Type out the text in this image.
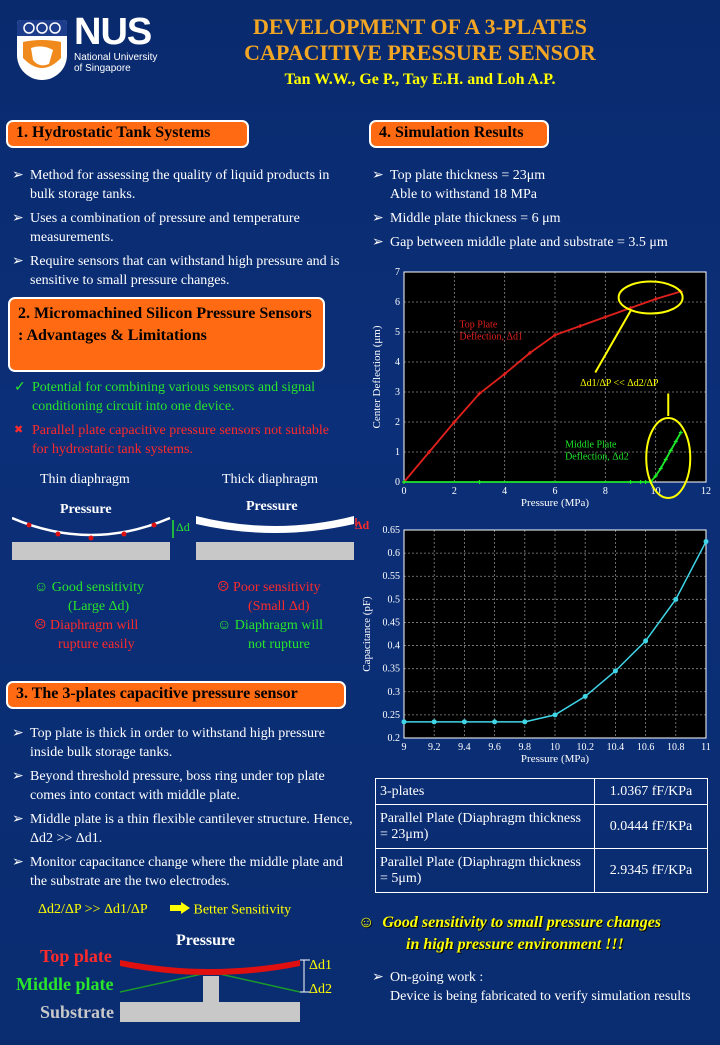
NUS
National University
of Singapore
DEVELOPMENT OF A 3-PLATES
CAPACITIVE PRESSURE SENSOR
Tan W.W., Ge P., Tay E.H. and Loh A.P.
1. Hydrostatic Tank Systems
➢ Method for assessing the quality of liquid products in bulk storage tanks.
➢ Uses a combination of pressure and temperature measurements.
➢ Require sensors that can withstand high pressure and is sensitive to small pressure changes.
2. Micromachined Silicon Pressure Sensors : Advantages & Limitations
✓ Potential for combining various sensors and signal conditioning circuit into one device.
✖ Parallel plate capacitive pressure sensors not suitable for hydrostatic tank systems.
Thin diaphragm	Thick diaphragm
Pressure
Δd
Pressure
Δd
☺ Good sensitivity
(Large Δd)
☹ Diaphragm will
rupture easily
☹ Poor sensitivity
(Small Δd)
☺ Diaphragm will
not rupture
3. The 3-plates capacitive pressure sensor
➢ Top plate is thick in order to withstand high pressure inside bulk storage tanks.
➢ Beyond threshold pressure, boss ring under top plate comes into contact with middle plate.
➢ Middle plate is a thin flexible cantilever structure. Hence, Δd2 >> Δd1.
➢ Monitor capacitance change where the middle plate and the substrate are the two electrodes.
Δd2/ΔP >> Δd1/ΔP	Better Sensitivity
Pressure
Top plate
Middle plate
Substrate
Δd1
Δd2
4. Simulation Results
➢ Top plate thickness = 23μm
Able to withstand 18 MPa
➢ Middle plate thickness = 6 μm
➢ Gap between middle plate and substrate = 3.5 μm
0	2	4	6	8	10	12
0
1
2
3
4
5
6
7
Pressure (MPa)
Center Deflection (μm)
Top Plate
Deflection, Δd1
Middle Plate
Deflection, Δd2
Δd1/ΔP << Δd2/ΔP
9 9.2 9.4 9.6 9.8 10 10.2 10.4 10.6 10.8 11
0.2
0.25
0.3
0.35
0.4
0.45
0.5
0.55
0.6
0.65
Pressure (MPa)
Capacitance (pF)
3-plates	1.0367 fF/KPa
Parallel Plate (Diaphragm thickness = 23μm)	0.0444 fF/KPa
Parallel Plate (Diaphragm thickness = 5μm)	2.9345 fF/KPa
☺ Good sensitivity to small pressure changes
in high pressure environment !!!
➢ On-going work :
Device is being fabricated to verify simulation results
